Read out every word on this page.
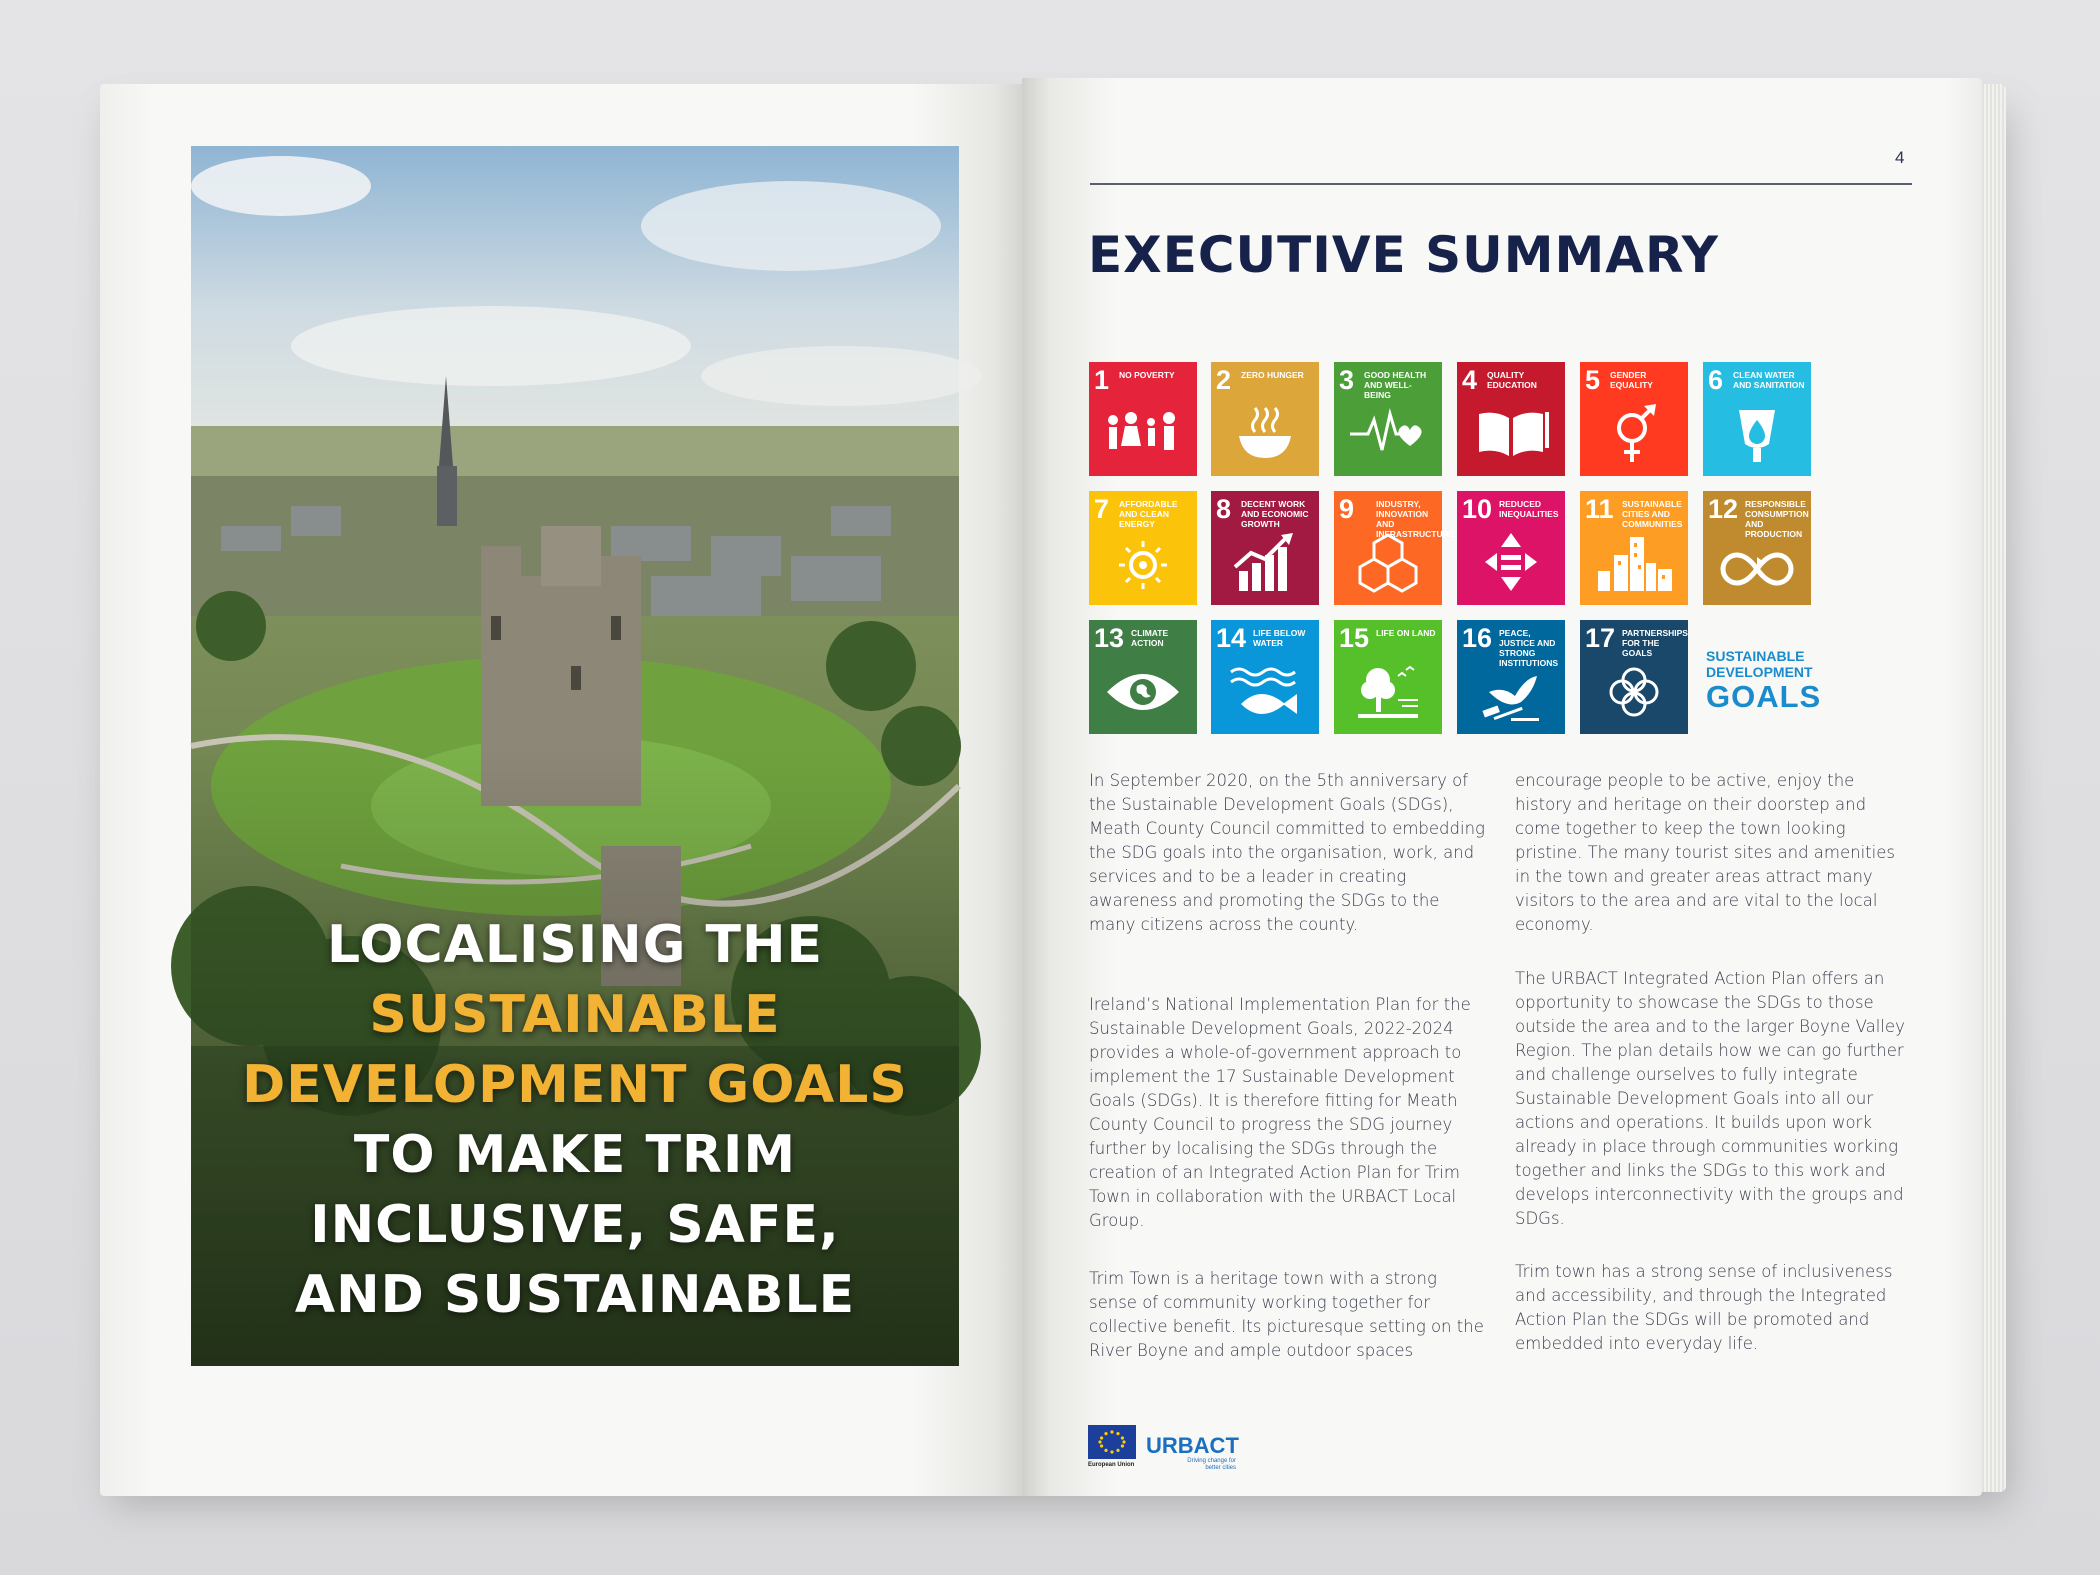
LOCALISING THE
SUSTAINABLE
DEVELOPMENT GOALS
TO MAKE TRIM
INCLUSIVE, SAFE,
AND SUSTAINABLE
4
EXECUTIVE SUMMARY
1 NO POVERTY	2 ZERO HUNGER	3 GOOD HEALTH AND WELL-BEING	4 QUALITY EDUCATION	5 GENDER EQUALITY	6 CLEAN WATER AND SANITATION
7 AFFORDABLE AND CLEAN ENERGY	8 DECENT WORK AND ECONOMIC GROWTH	9	INDUSTRY, INNOVATION AND INFRASTRUCTURE
10 REDUCED INEQUALITIES 11 SUSTAINABLE CITIES AND COMMUNITIES 12 RESPONSIBLE CONSUMPTION AND PRODUCTION
13 CLIMATE ACTION	14 LIFE BELOW WATER	15 LIFE ON LAND 16 PEACE, JUSTICE AND STRONG INSTITUTIONS
17 PARTNERSHIPS FOR THE GOALS	SUSTAINABLE
DEVELOPMENT
GOALS

In September 2020, on the 5th anniversary of the Sustainable Development Goals (SDGs), Meath County Council committed to embedding the SDG goals into the organisation, work, and services and to be a leader in creating awareness and promoting the SDGs to the many citizens across the county.

Ireland’s National Implementation Plan for the Sustainable Development Goals, 2022-2024 provides a whole-of-government approach to implement the 17 Sustainable Development Goals (SDGs). It is therefore fitting for Meath County Council to progress the SDG journey further by localising the SDGs through the creation of an Integrated Action Plan for Trim Town in collaboration with the URBACT Local Group.

Trim Town is a heritage town with a strong sense of community working together for collective benefit. Its picturesque setting on the River Boyne and ample outdoor spaces

encourage people to be active, enjoy the history and heritage on their doorstep and come together to keep the town looking pristine. The many tourist sites and amenities in the town and greater areas attract many visitors to the area and are vital to the local economy.

The URBACT Integrated Action Plan offers an opportunity to showcase the SDGs to those outside the area and to the larger Boyne Valley Region. The plan details how we can go further and challenge ourselves to fully integrate Sustainable Development Goals into all our actions and operations. It builds upon work already in place through communities working together and links the SDGs to this work and develops interconnectivity with the groups and SDGs.

Trim town has a strong sense of inclusiveness and accessibility, and through the Integrated Action Plan the SDGs will be promoted and embedded into everyday life.

European Union
URBACT
Driving change for better cities
